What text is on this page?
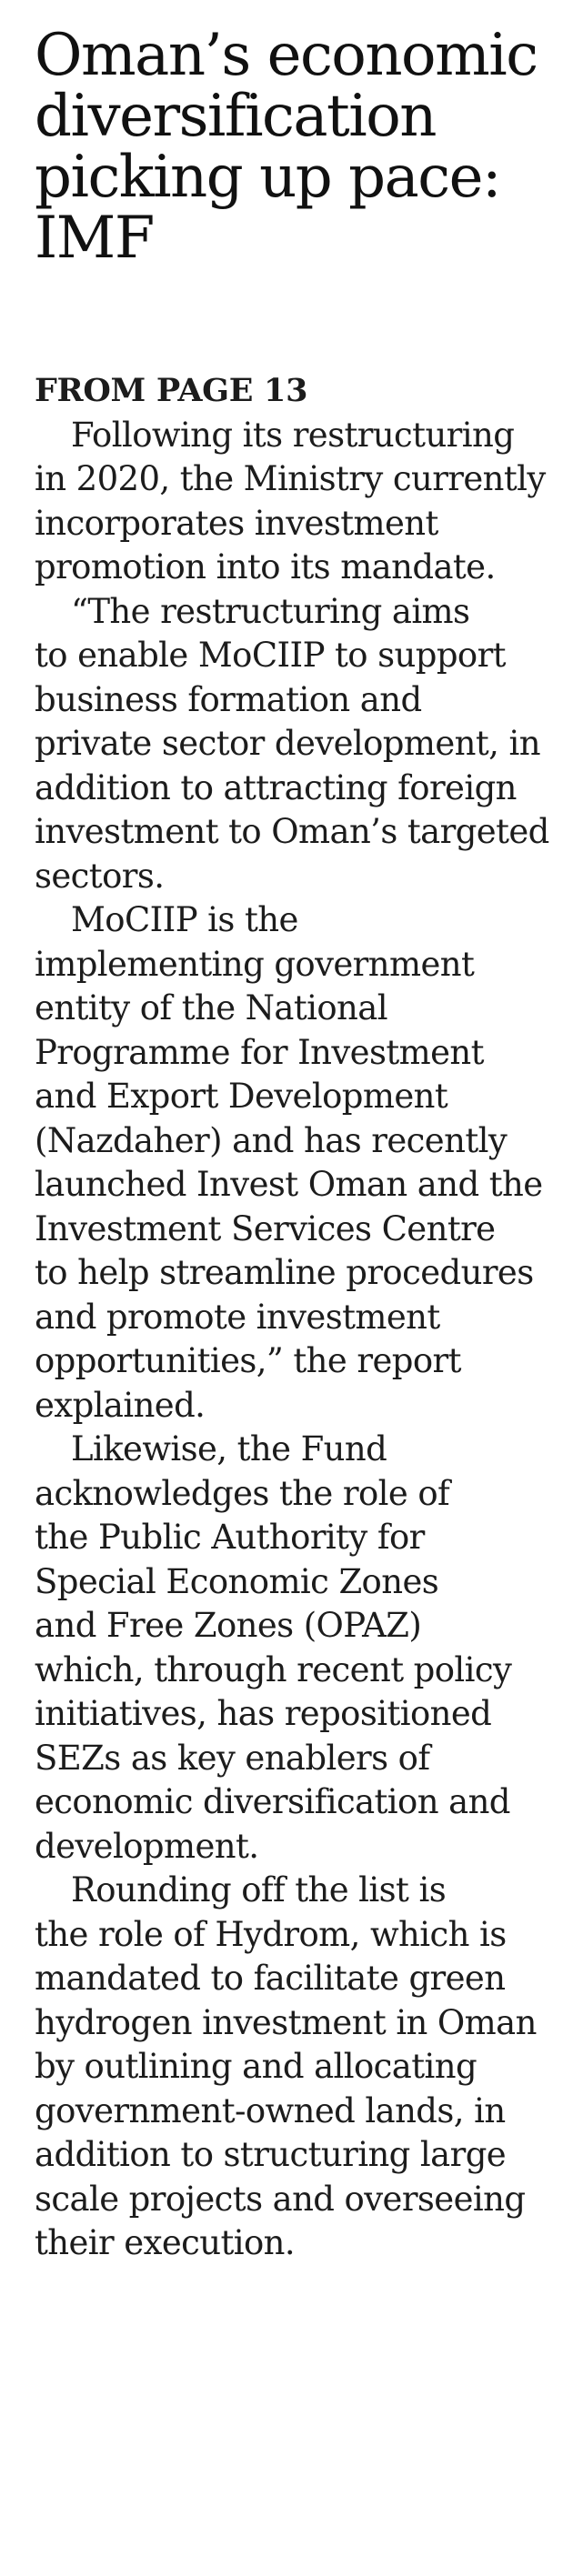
Oman’s economic
diversification
picking up pace:
IMF
FROM PAGE 13

Following its restructuring
in 2020, the Ministry currently
incorporates investment
promotion into its mandate.

“The restructuring aims
to enable MoCIIP to support
business formation and
private sector development, in
addition to attracting foreign
investment to Oman’s targeted
sectors.

MoCIIP is the
implementing government
entity of the National
Programme for Investment
and Export Development
(Nazdaher) and has recently
launched Invest Oman and the
Investment Services Centre
to help streamline procedures
and promote investment
opportunities,” the report
explained.

Likewise, the Fund
acknowledges the role of
the Public Authority for
Special Economic Zones
and Free Zones (OPAZ)
which, through recent policy
initiatives, has repositioned
SEZs as key enablers of
economic diversification and
development.

Rounding off the list is
the role of Hydrom, which is
mandated to facilitate green
hydrogen investment in Oman
by outlining and allocating
government-owned lands, in
addition to structuring large
scale projects and overseeing
their execution.
